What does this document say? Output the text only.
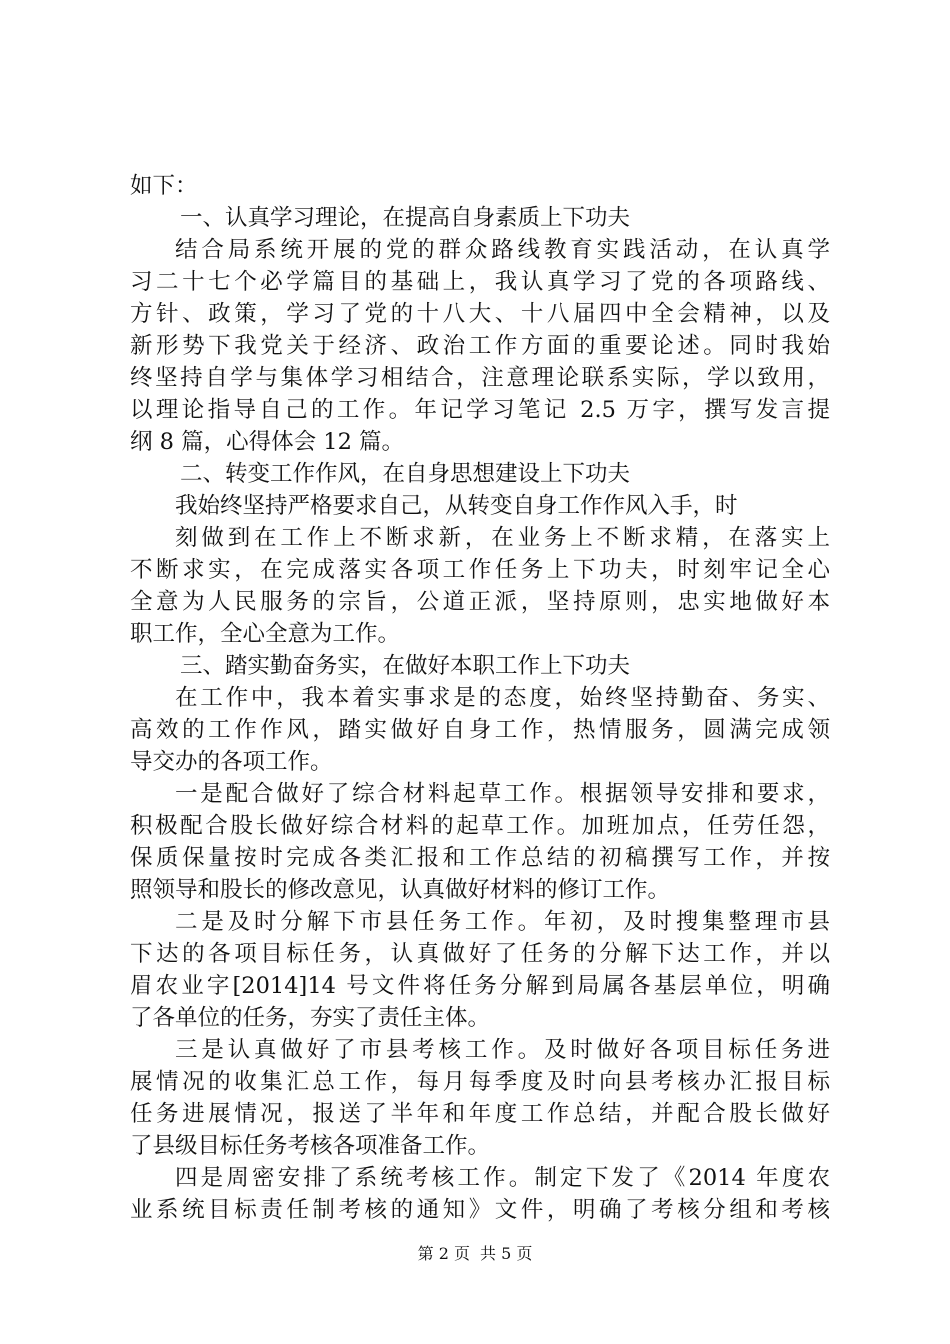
如下：
一、认真学习理论，在提高自身素质上下功夫
结合局系统开展的党的群众路线教育实践活动，在认真学
习二十七个必学篇目的基础上，我认真学习了党的各项路线、
方针、政策，学习了党的十八大、十八届四中全会精神，以及
新形势下我党关于经济、政治工作方面的重要论述。同时我始
终坚持自学与集体学习相结合，注意理论联系实际，学以致用，
以理论指导自己的工作。年记学习笔记 2.5 万字，撰写发言提
纲 8 篇，心得体会 12 篇。
二、转变工作作风，在自身思想建设上下功夫
我始终坚持严格要求自己，从转变自身工作作风入手，时
刻做到在工作上不断求新，在业务上不断求精，在落实上
不断求实，在完成落实各项工作任务上下功夫，时刻牢记全心
全意为人民服务的宗旨，公道正派，坚持原则，忠实地做好本
职工作，全心全意为工作。
三、踏实勤奋务实，在做好本职工作上下功夫
在工作中，我本着实事求是的态度，始终坚持勤奋、务实、
高效的工作作风，踏实做好自身工作，热情服务，圆满完成领
导交办的各项工作。
一是配合做好了综合材料起草工作。根据领导安排和要求，
积极配合股长做好综合材料的起草工作。加班加点，任劳任怨，
保质保量按时完成各类汇报和工作总结的初稿撰写工作，并按
照领导和股长的修改意见，认真做好材料的修订工作。
二是及时分解下市县任务工作。年初，及时搜集整理市县
下达的各项目标任务，认真做好了任务的分解下达工作，并以
眉农业字[2014]14 号文件将任务分解到局属各基层单位，明确
了各单位的任务，夯实了责任主体。
三是认真做好了市县考核工作。及时做好各项目标任务进
展情况的收集汇总工作，每月每季度及时向县考核办汇报目标
任务进展情况，报送了半年和年度工作总结，并配合股长做好
了县级目标任务考核各项准备工作。
四是周密安排了系统考核工作。制定下发了《2014 年度农
业系统目标责任制考核的通知》文件，明确了考核分组和考核
第 2 页 共 5 页
